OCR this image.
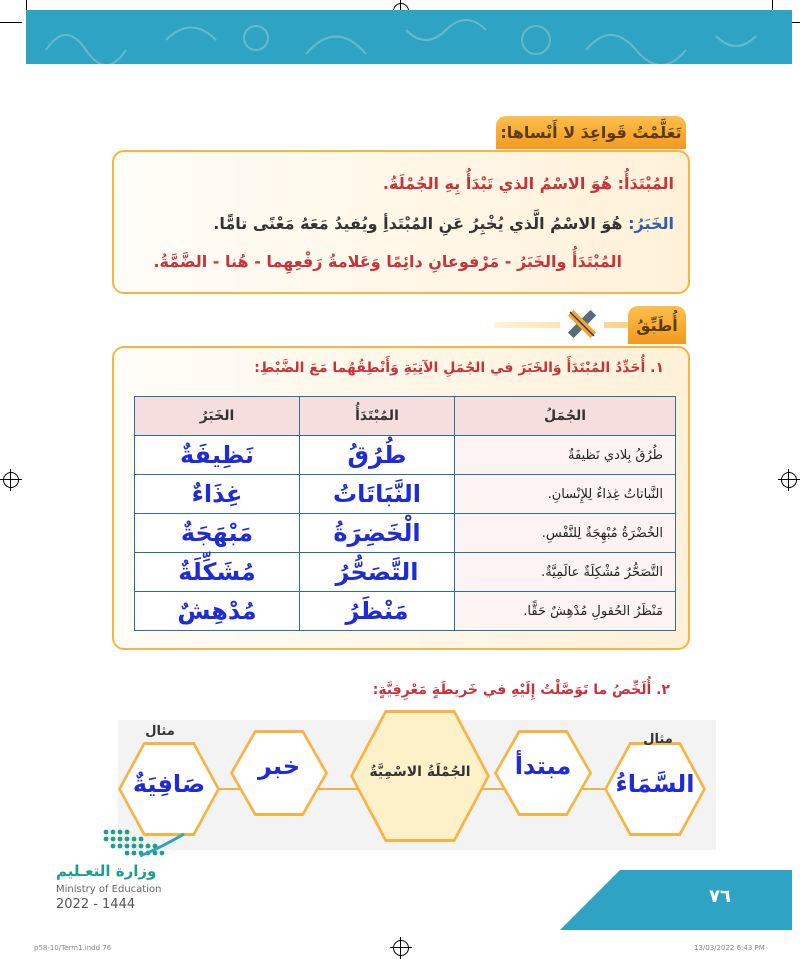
تَعَلَّمْتُ قَواعِدَ لا أَنْساها:
المُبْتَدَأُ: هُوَ الاسْمُ الذي تَبْدَأُ بِهِ الجُمْلَةُ.
الخَبَرُ: هُوَ الاسْمُ الَّذي يُخْبِرُ عَنِ المُبْتَدأِ ويُفيدُ مَعَهُ مَعْنًى تامًّا.
المُبْتَدَأُ والخَبَرُ - مَرْفوعانِ دائِمًا وَعَلامةُ رَفْعِهِما - هُنا - الضَّمَّةُ.
أُطَبِّقُ
١. أُحَدِّدُ المُبْتَدَأَ وَالخَبَرَ في الجُمَلِ الآتِيَةِ وَأَنْطِقُهُما مَعَ الضَّبْطِ:
الجُمَلُ	المُبْتَدَأُ	الخَبَرُ
طُرُقُ بِلادي نَظيفَةٌ	طُرُقُ	نَظِيفَةٌ
النَّباتاتُ غِذاءٌ لِلإِنْسانِ.	النَّبَاتَاتُ	غِذَاءٌ
الخُضْرَةُ مُبْهِجَةٌ لِلنَّفْسِ.	الْخَضِرَةُ	مَبْهَجَةٌ
التَّصَحُّرُ مُشْكِلَةٌ عالَمِيَّةٌ.	التَّصَحُّرُ	مُشَكِّلَةٌ
مَنْظَرُ الحُقولِ مُدْهِشٌ حَقًّا.	مَنْظَرُ	مُدْهِشٌ
٢. أُلَخِّصُ ما تَوَصَّلْتُ إِلَيْهِ في خَريطَةٍ مَعْرِفِيَّةٍ:
صَافِيَةٌ
مثال
خبر	الجُمْلَةُ الاسْمِيَّةُ	مبتدأ
السَّمَاءُ
مثال
وزارة التعـليم
Ministry of Education
2022 - 1444	٧٦
p58-10/Term1.indd 76	13/03/2022 6:43 PM
